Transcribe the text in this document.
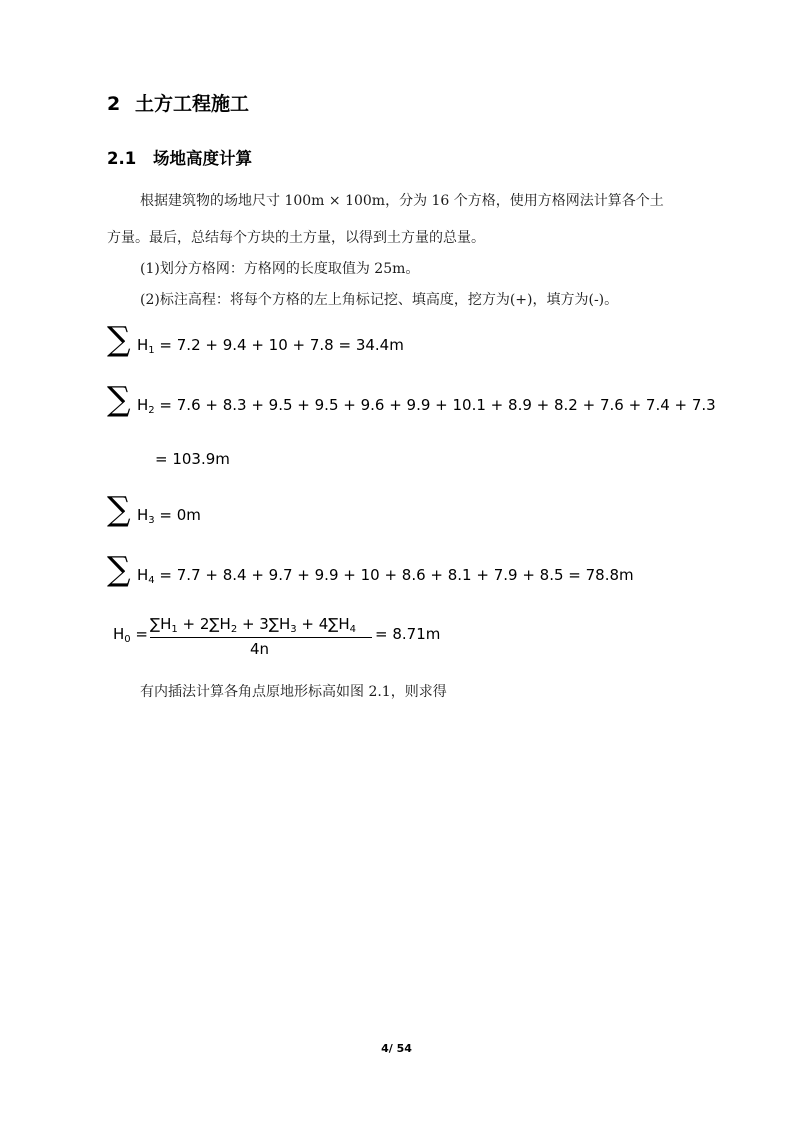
2 土方工程施工
2.1 场地高度计算
根据建筑物的场地尺寸 100m × 100m，分为 16 个方格，使用方格网法计算各个土
方量。最后，总结每个方块的土方量，以得到土方量的总量。
(1)划分方格网：方格网的长度取值为 25m。
(2)标注高程：将每个方格的左上角标记挖、填高度，挖方为(+)，填方为(-)。
∑ $H_1 = 7.2 + 9.4 + 10 + 7.8 = 34.4m$
∑ $H_2 = 7.6 + 8.3 + 9.5 + 9.5 + 9.6 + 9.9 + 10.1 + 8.9 + 8.2 + 7.6 + 7.4 + 7.3$
= 103.9m
∑ $H_3 = 0m$
∑ $H_4 = 7.7 + 8.4 + 9.7 + 9.9 + 10 + 8.6 + 8.1 + 7.9 + 8.5 = 78.8m$
$H_0$ =
$\sum H_1 + 2\sum H_2 + 3\sum H_3 + 4\sum H_4$
4n
= 8.71m
有内插法计算各角点原地形标高如图 2.1，则求得
4/ 54
